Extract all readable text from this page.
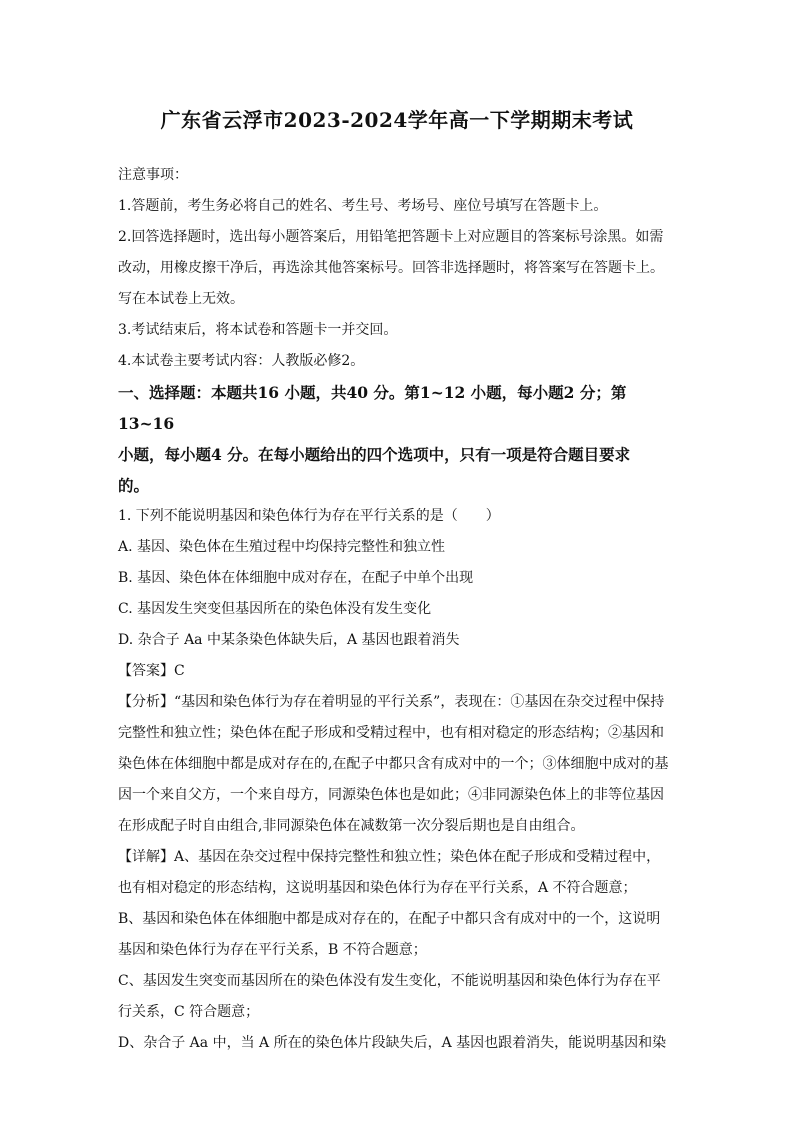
广东省云浮市2023-2024学年高一下学期期末考试
注意事项：
1.答题前，考生务必将自己的姓名、考生号、考场号、座位号填写在答题卡上。
2.回答选择题时，选出每小题答案后，用铅笔把答题卡上对应题目的答案标号涂黑。如需
改动，用橡皮擦干净后，再选涂其他答案标号。回答非选择题时，将答案写在答题卡上。
写在本试卷上无效。
3.考试结束后，将本试卷和答题卡一并交回。
4.本试卷主要考试内容：人教版必修2。
一、选择题：本题共16 小题，共40 分。第1~12 小题，每小题2 分；第13~16
小题，每小题4 分。在每小题给出的四个选项中，只有一项是符合题目要求
的。
1. 下列不能说明基因和染色体行为存在平行关系的是（　　）
A. 基因、染色体在生殖过程中均保持完整性和独立性
B. 基因、染色体在体细胞中成对存在，在配子中单个出现
C. 基因发生突变但基因所在的染色体没有发生变化
D. 杂合子 Aa 中某条染色体缺失后，A 基因也跟着消失
【答案】C
【分析】“基因和染色体行为存在着明显的平行关系”，表现在：①基因在杂交过程中保持
完整性和独立性；染色体在配子形成和受精过程中，也有相对稳定的形态结构；②基因和
染色体在体细胞中都是成对存在的,在配子中都只含有成对中的一个；③体细胞中成对的基
因一个来自父方，一个来自母方，同源染色体也是如此；④非同源染色体上的非等位基因
在形成配子时自由组合,非同源染色体在减数第一次分裂后期也是自由组合。
【详解】A、基因在杂交过程中保持完整性和独立性；染色体在配子形成和受精过程中，
也有相对稳定的形态结构，这说明基因和染色体行为存在平行关系，A 不符合题意；
B、基因和染色体在体细胞中都是成对存在的，在配子中都只含有成对中的一个，这说明
基因和染色体行为存在平行关系，B 不符合题意；
C、基因发生突变而基因所在的染色体没有发生变化，不能说明基因和染色体行为存在平
行关系，C 符合题意；
D、杂合子 Aa 中，当 A 所在的染色体片段缺失后，A 基因也跟着消失，能说明基因和染
